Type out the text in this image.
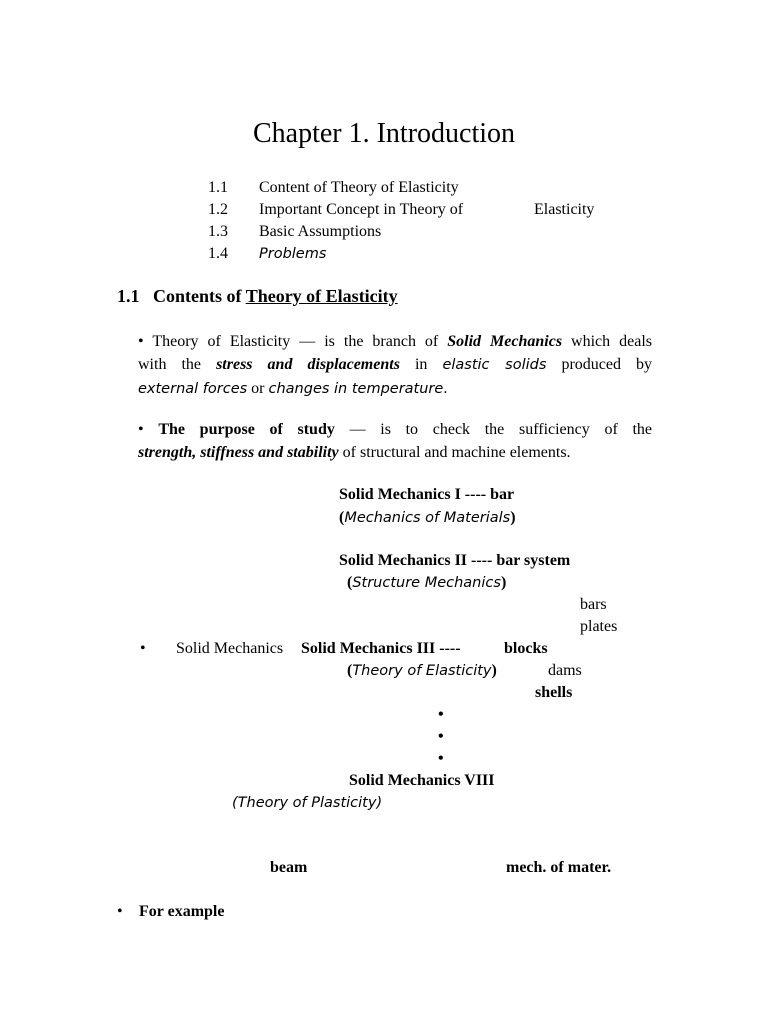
Chapter 1. Introduction
1.1 Content of Theory of Elasticity
1.2 Important Concept in Theory of	Elasticity
1.3 Basic Assumptions
1.4 Problems
1.1 Contents of Theory of Elasticity
• Theory of Elasticity — is the branch of Solid Mechanics which deals
with the stress and displacements in elastic solids produced by
external forces or changes in temperature.
• The purpose of study — is to check the sufficiency of the
strength, stiffness and stability of structural and machine elements.
Solid Mechanics I ---- bar
(Mechanics of Materials)
Solid Mechanics II ---- bar system
(Structure Mechanics)
bars
plates
• Solid Mechanics Solid Mechanics III ----	blocks
(Theory of Elasticity)	dams
shells
•
•
•
Solid Mechanics VIII
(Theory of Plasticity)
beam	mech. of mater.
• For example
